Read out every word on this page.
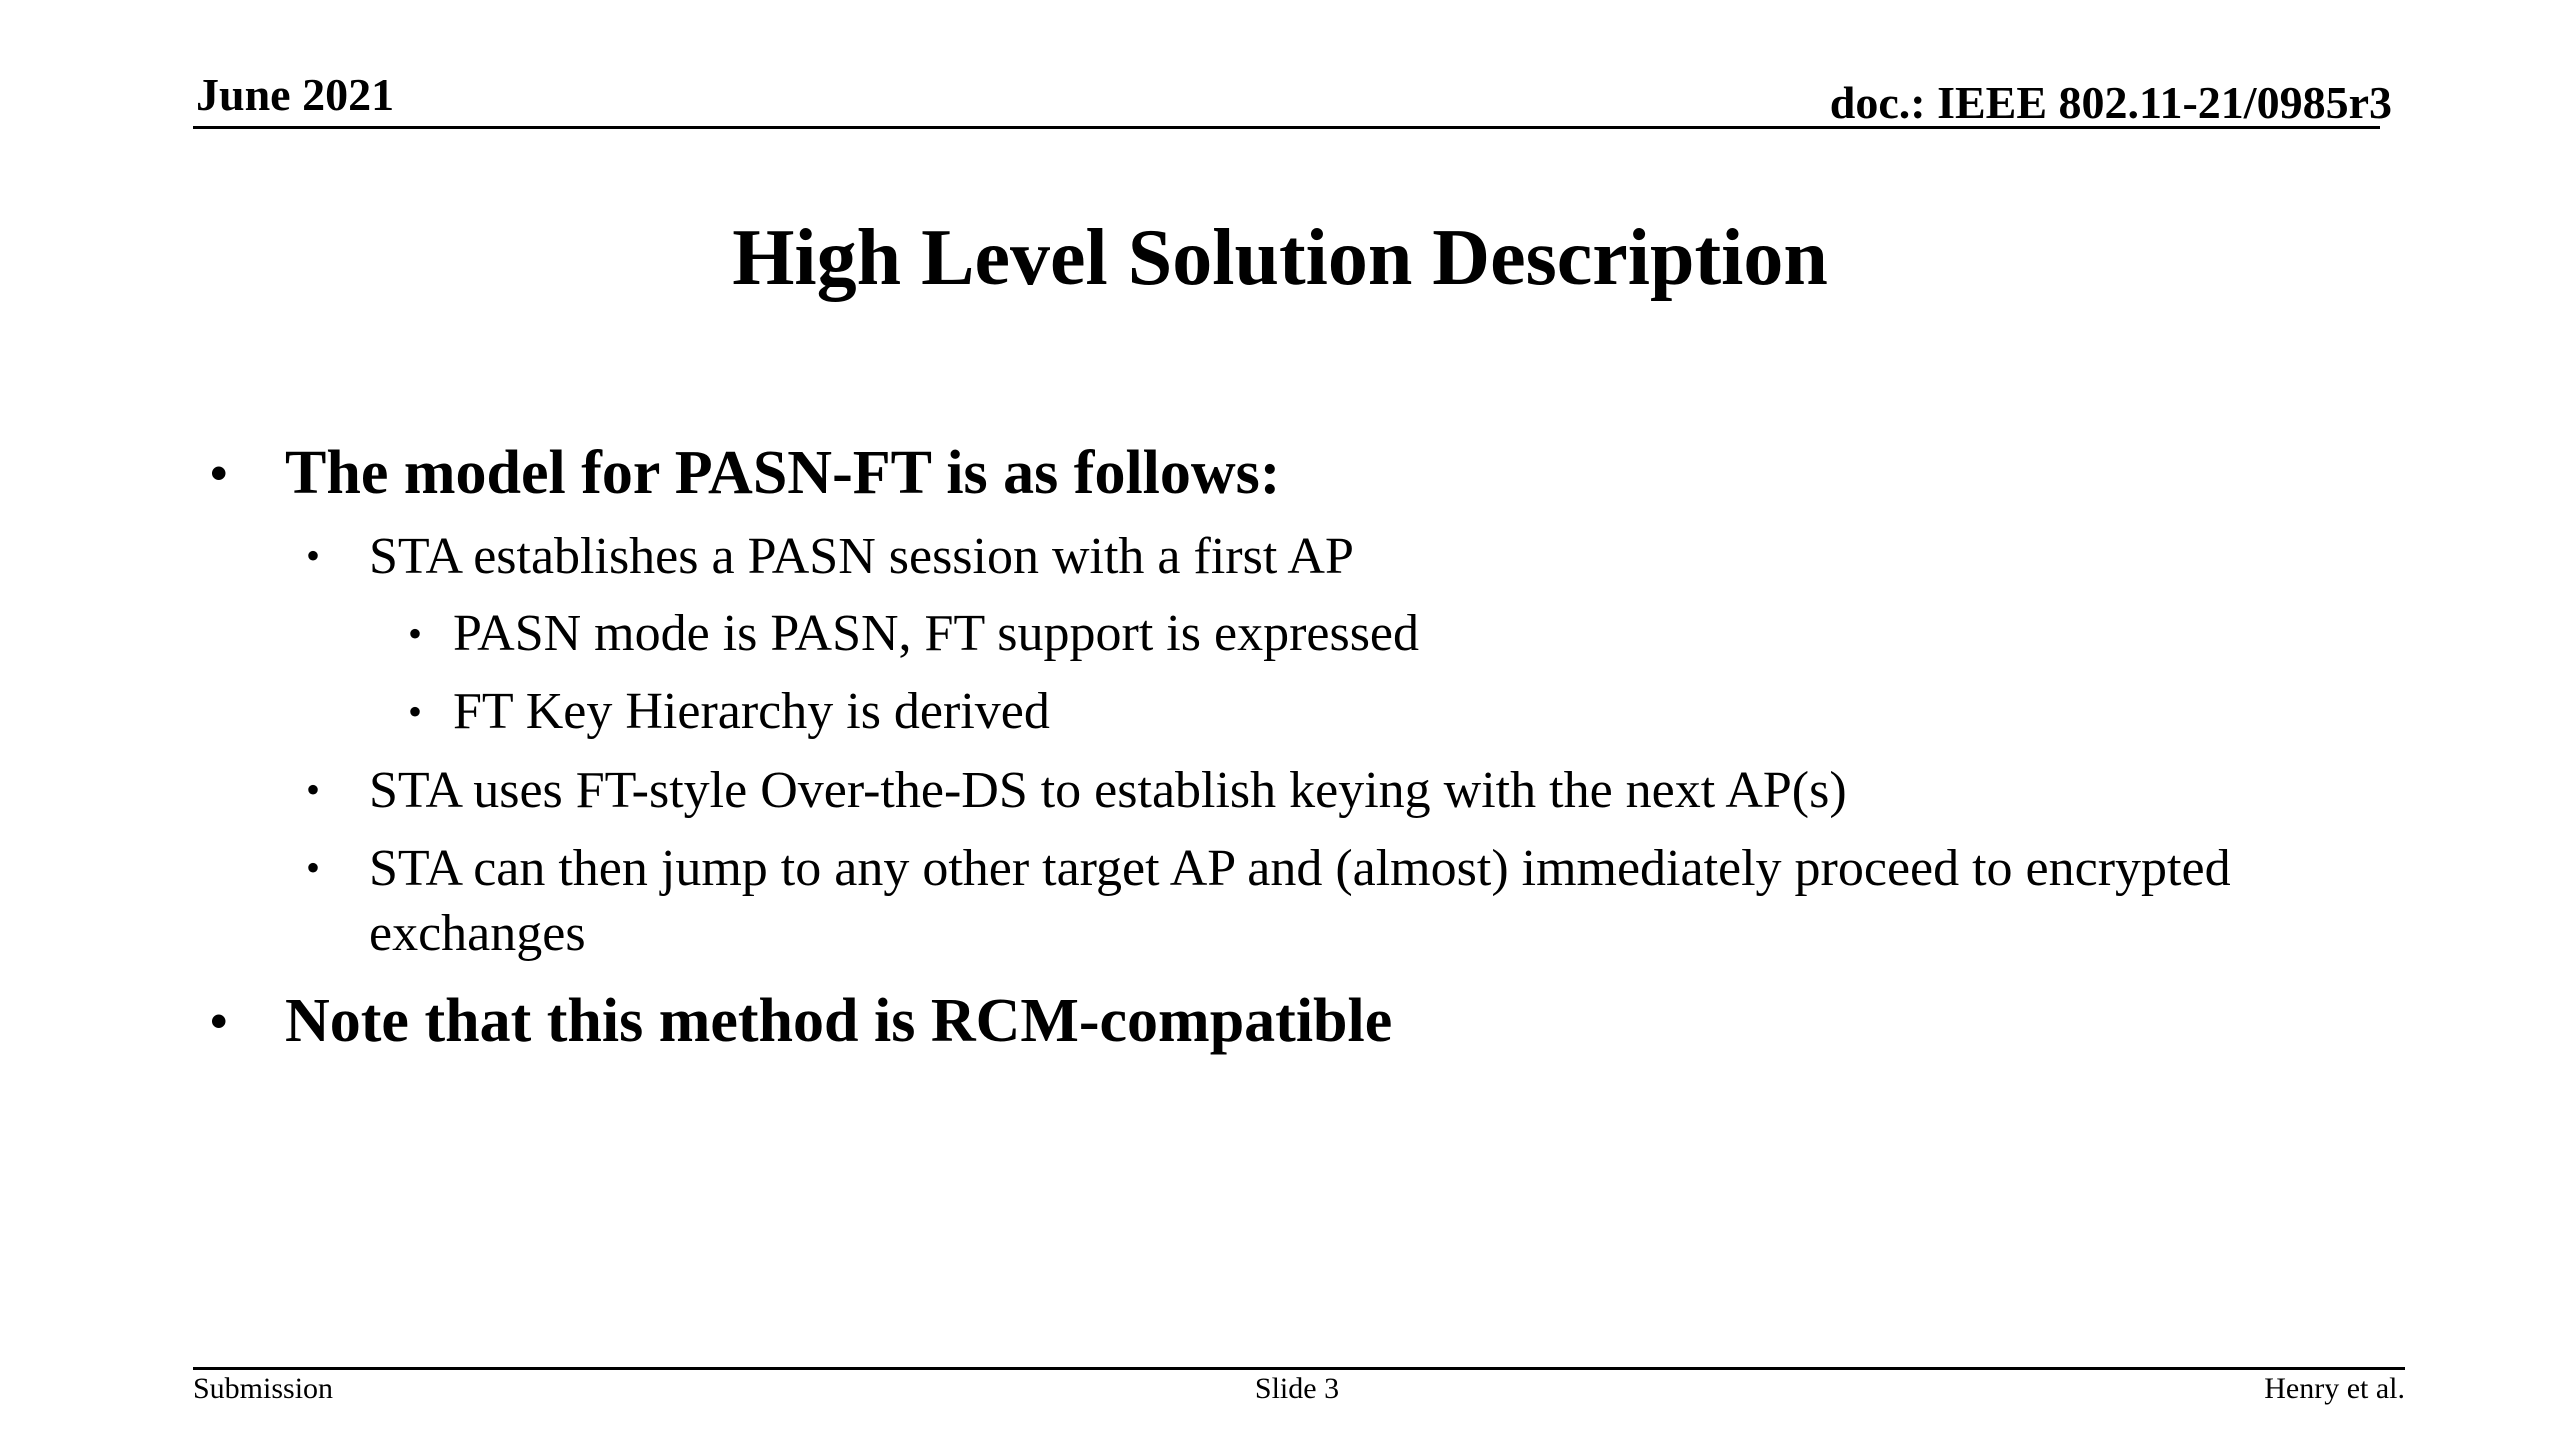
June 2021	doc.: IEEE 802.11-21/0985r3
High Level Solution Description
• The model for PASN-FT is as follows:
• STA establishes a PASN session with a first AP
• PASN mode is PASN, FT support is expressed
• FT Key Hierarchy is derived
• STA uses FT-style Over-the-DS to establish keying with the next AP(s)
• STA can then jump to any other target AP and (almost) immediately proceed to encrypted exchanges
• Note that this method is RCM-compatible
Submission	Slide 3	Henry et al.
